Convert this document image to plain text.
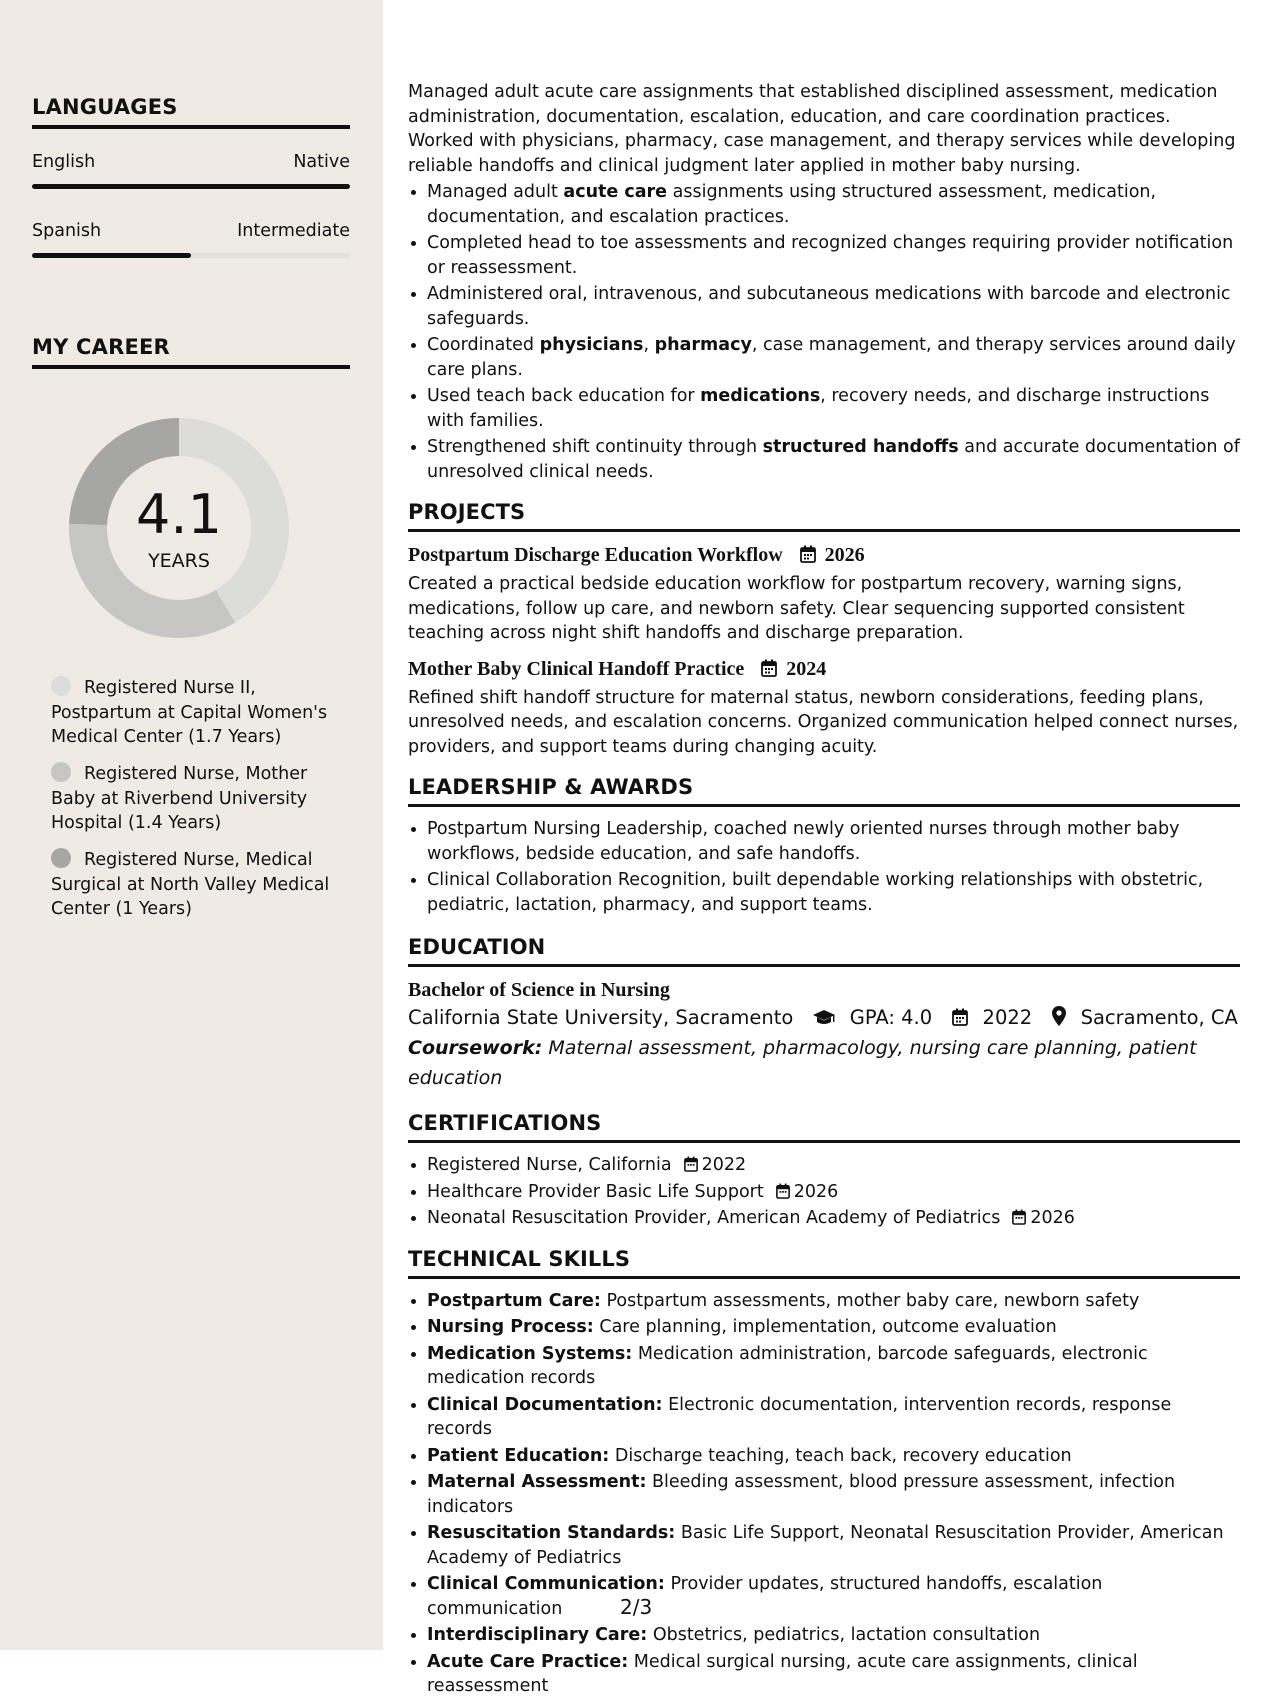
LANGUAGES
English	Native
Spanish	Intermediate
MY CAREER
4.1
YEARS
Registered Nurse II, Postpartum at Capital Women's Medical Center (1.7 Years)
Registered Nurse, Mother Baby at Riverbend University Hospital (1.4 Years)
Registered Nurse, Medical Surgical at North Valley Medical Center (1 Years)

Managed adult acute care assignments that established disciplined assessment, medication administration, documentation, escalation, education, and care coordination practices. Worked with physicians, pharmacy, case management, and therapy services while developing reliable handoffs and clinical judgment later applied in mother baby nursing.

• Managed adult acute care assignments using structured assessment, medication, documentation, and escalation practices.
• Completed head to toe assessments and recognized changes requiring provider notification or reassessment.
• Administered oral, intravenous, and subcutaneous medications with barcode and electronic safeguards.
• Coordinated physicians, pharmacy, case management, and therapy services around daily care plans.
• Used teach back education for medications, recovery needs, and discharge instructions with families.
• Strengthened shift continuity through structured handoffs and accurate documentation of unresolved clinical needs.
PROJECTS
Postpartum Discharge Education Workflow 2026

Created a practical bedside education workflow for postpartum recovery, warning signs, medications, follow up care, and newborn safety. Clear sequencing supported consistent teaching across night shift handoffs and discharge preparation.

Mother Baby Clinical Handoff Practice 2024

Refined shift handoff structure for maternal status, newborn considerations, feeding plans, unresolved needs, and escalation concerns. Organized communication helped connect nurses, providers, and support teams during changing acuity.

LEADERSHIP & AWARDS
• Postpartum Nursing Leadership, coached newly oriented nurses through mother baby workflows, bedside education, and safe handoffs.
• Clinical Collaboration Recognition, built dependable working relationships with obstetric, pediatric, lactation, pharmacy, and support teams.
EDUCATION
Bachelor of Science in Nursing
California State University, Sacramento	GPA: 4.0	2022 Sacramento, CA
Coursework: Maternal assessment, pharmacology, nursing care planning, patient education
CERTIFICATIONS
• Registered Nurse, California 2022
• Healthcare Provider Basic Life Support 2026
• Neonatal Resuscitation Provider, American Academy of Pediatrics 2026
TECHNICAL SKILLS
• Postpartum Care: Postpartum assessments, mother baby care, newborn safety
• Nursing Process: Care planning, implementation, outcome evaluation
• Medication Systems: Medication administration, barcode safeguards, electronic medication records
• Clinical Documentation: Electronic documentation, intervention records, response records
• Patient Education: Discharge teaching, teach back, recovery education
• Maternal Assessment: Bleeding assessment, blood pressure assessment, infection indicators
• Resuscitation Standards: Basic Life Support, Neonatal Resuscitation Provider, American Academy of Pediatrics
• Clinical Communication: Provider updates, structured handoffs, escalation communication
• Interdisciplinary Care: Obstetrics, pediatrics, lactation consultation
• Acute Care Practice: Medical surgical nursing, acute care assignments, clinical reassessment
2/3
